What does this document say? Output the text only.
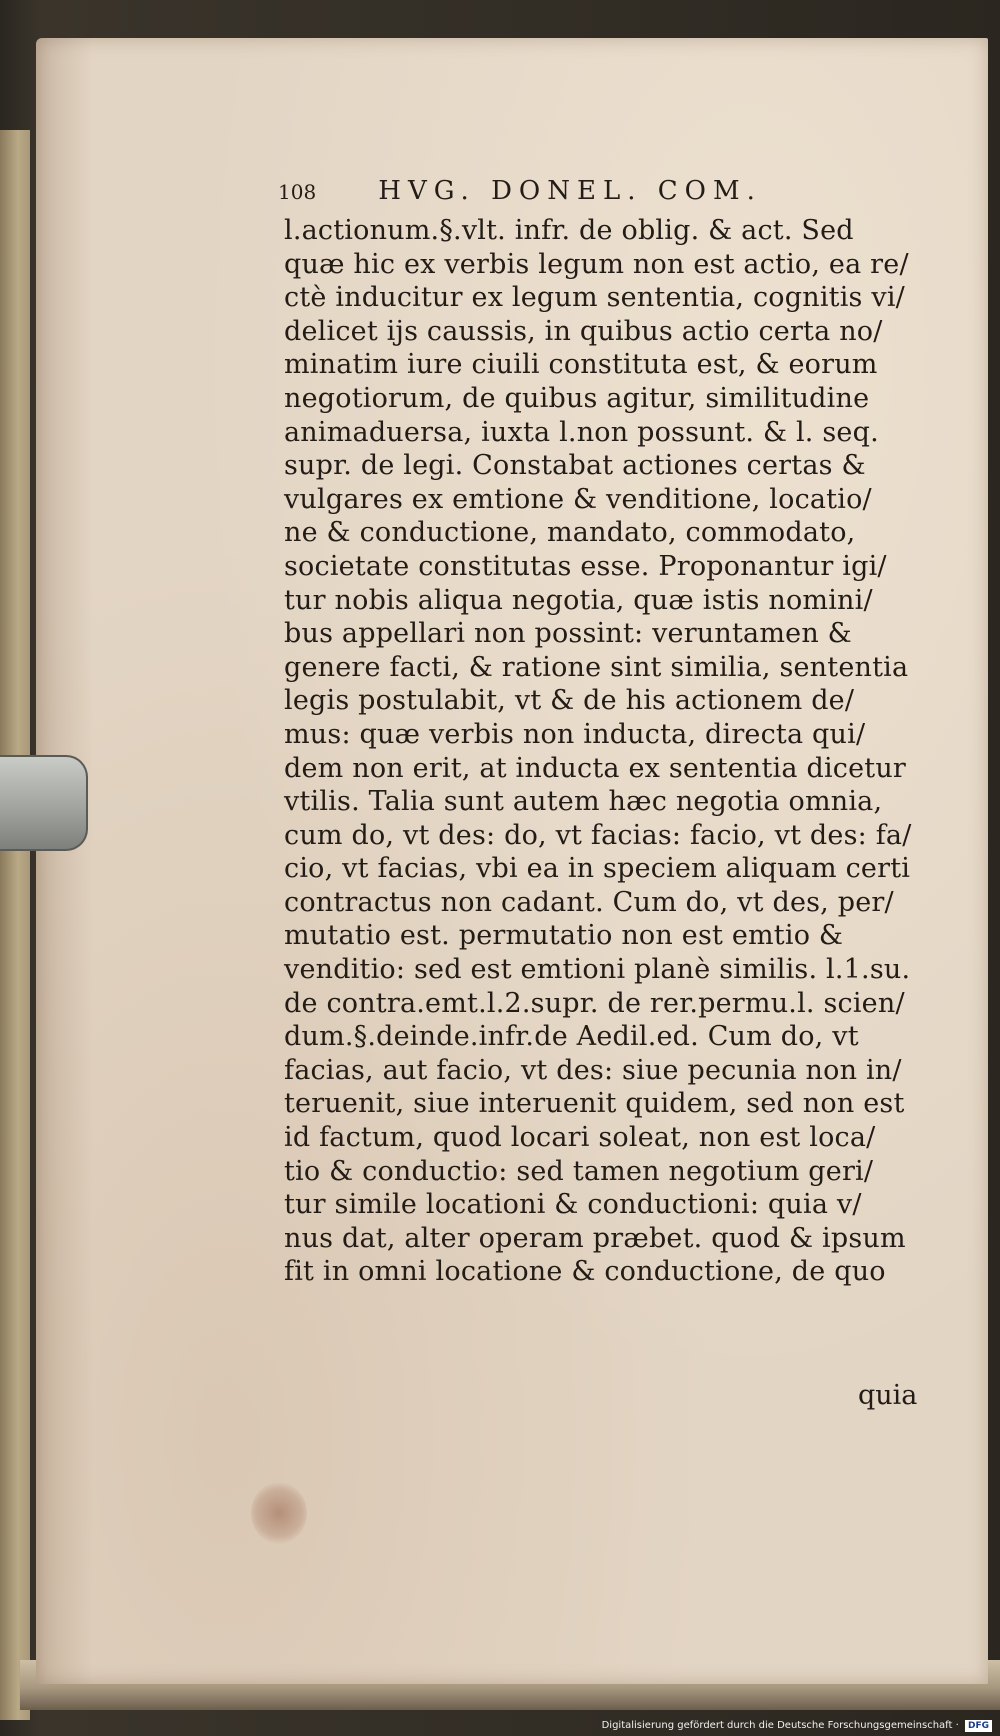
108 HVG. DONEL. COM.
l.actionum.§.vlt. infr. de oblig. & act. Sed
quæ hic ex verbis legum non est actio, ea re/
ctè inducitur ex legum sententia, cognitis vi/
delicet ijs caussis, in quibus actio certa no/
minatim iure ciuili constituta est, & eorum
negotiorum, de quibus agitur, similitudine
animaduersa, iuxta l.non possunt. & l. seq.
supr. de legi. Constabat actiones certas &
vulgares ex emtione & venditione, locatio/
ne & conductione, mandato, commodato,
societate constitutas esse. Proponantur igi/
tur nobis aliqua negotia, quæ istis nomini/
bus appellari non possint: veruntamen &
genere facti, & ratione sint similia, sententia
legis postulabit, vt & de his actionem de/
mus: quæ verbis non inducta, directa qui/
dem non erit, at inducta ex sententia dicetur
vtilis. Talia sunt autem hæc negotia omnia,
cum do, vt des: do, vt facias: facio, vt des: fa/
cio, vt facias, vbi ea in speciem aliquam certi
contractus non cadant. Cum do, vt des, per/
mutatio est. permutatio non est emtio &
venditio: sed est emtioni planè similis. l.1.su.
de contra.emt.l.2.supr. de rer.permu.l. scien/
dum.§.deinde.infr.de Aedil.ed. Cum do, vt
facias, aut facio, vt des: siue pecunia non in/
teruenit, siue interuenit quidem, sed non est
id factum, quod locari soleat, non est loca/
tio & conductio: sed tamen negotium geri/
tur simile locationi & conductioni: quia v/
nus dat, alter operam præbet. quod & ipsum
fit in omni locatione & conductione, de quo
quia
Digitalisierung gefördert durch die Deutsche Forschungsgemeinschaft · DFG
